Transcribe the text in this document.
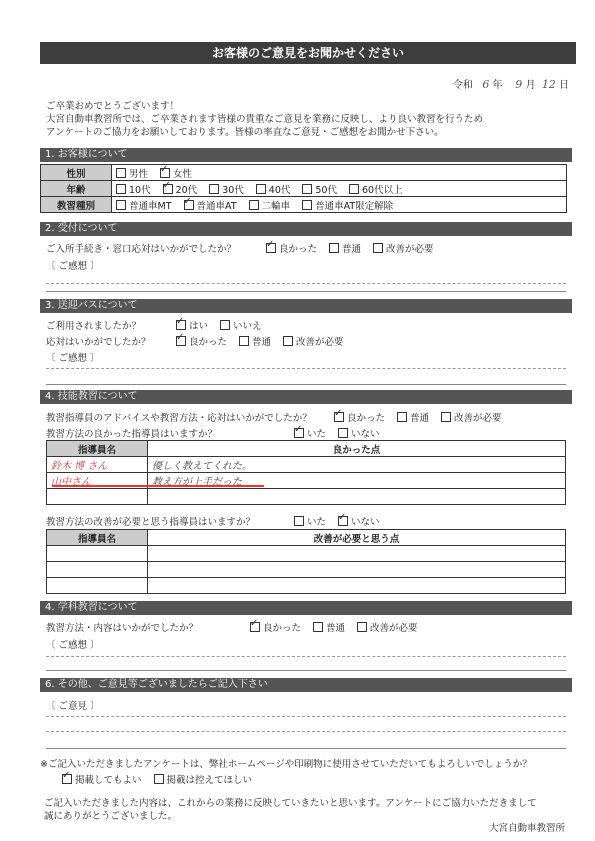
お客様のご意見をお聞かせください
令和 6 年 9 月 12 日
ご卒業おめでとうございます！
大宮自動車教習所では、ご卒業されます皆様の貴重なご意見を業務に反映し、より良い教習を行うため
アンケートのご協力をお願いしております。皆様の率直なご意見・ご感想をお聞かせ下さい。
1. お客様について
性別	男性 ✓ 女性
年齢	10代 ✓ 20代 30代 40代 50代 60代以上
教習種別	普通車MT ✓ 普通車AT 二輪車 普通車AT限定解除
2. 受付について
ご入所手続き・窓口応対はいかがでしたか？ ✓	良かった	普通	改善が必要
〔 ご感想 〕
3. 送迎バスについて
ご利用されましたか？ ✓	はい	いいえ
応対はいかがでしたか？ ✓	良かった	普通	改善が必要
〔 ご感想 〕
4. 技能教習について
教習指導員のアドバイスや教習方法・応対はいかがでしたか？ ✓	良かった	普通	改善が必要
教習方法の良かった指導員はいますか？ ✓	いた	いない
指導員名	良かった点
鈴木 博 さん	優しく教えてくれた。
山中さん	教え方が上手だった

教習方法の改善が必要と思う指導員はいますか？	いた ✓	いない
指導員名	改善が必要と思う点

4. 学科教習について
教習方法・内容はいかがでしたか？ ✓	良かった	普通	改善が必要
〔 ご感想 〕
6. その他、ご意見等ございましたらご記入下さい
〔 ご意見 〕
※ご記入いただきましたアンケートは、弊社ホームページや印刷物に使用させていただいてもよろしいでしょうか？
✓掲載してもよい	掲載は控えてほしい
ご記入いただきました内容は、これからの業務に反映していきたいと思います。アンケートにご協力いただきまして
誠にありがとうございました。
大宮自動車教習所
